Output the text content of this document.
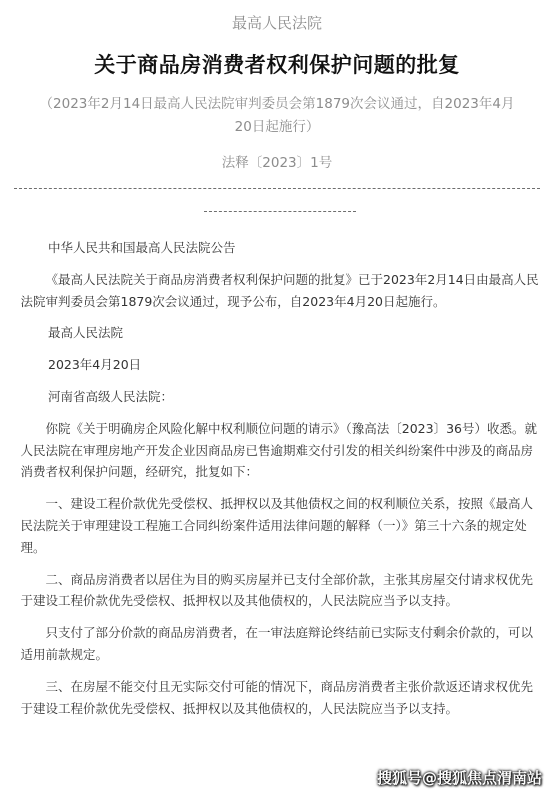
最高人民法院
关于商品房消费者权利保护问题的批复
（2023年2月14日最高人民法院审判委员会第1879次会议通过，自2023年4月
20日起施行）
法释〔2023〕1号

中华人民共和国最高人民法院公告

《最高人民法院关于商品房消费者权利保护问题的批复》已于2023年2月14日由最高人民法院审判委员会第1879次会议通过，现予公布，自2023年4月20日起施行。

最高人民法院

2023年4月20日

河南省高级人民法院：

你院《关于明确房企风险化解中权利顺位问题的请示》（豫高法〔2023〕36号）收悉。就人民法院在审理房地产开发企业因商品房已售逾期难交付引发的相关纠纷案件中涉及的商品房消费者权利保护问题，经研究，批复如下：

一、建设工程价款优先受偿权、抵押权以及其他债权之间的权利顺位关系，按照《最高人民法院关于审理建设工程施工合同纠纷案件适用法律问题的解释（一）》第三十六条的规定处理。

二、商品房消费者以居住为目的购买房屋并已支付全部价款，主张其房屋交付请求权优先于建设工程价款优先受偿权、抵押权以及其他债权的，人民法院应当予以支持。

只支付了部分价款的商品房消费者，在一审法庭辩论终结前已实际支付剩余价款的，可以适用前款规定。

三、在房屋不能交付且无实际交付可能的情况下，商品房消费者主张价款返还请求权优先于建设工程价款优先受偿权、抵押权以及其他债权的，人民法院应当予以支持。

搜狐号@搜狐焦点渭南站
